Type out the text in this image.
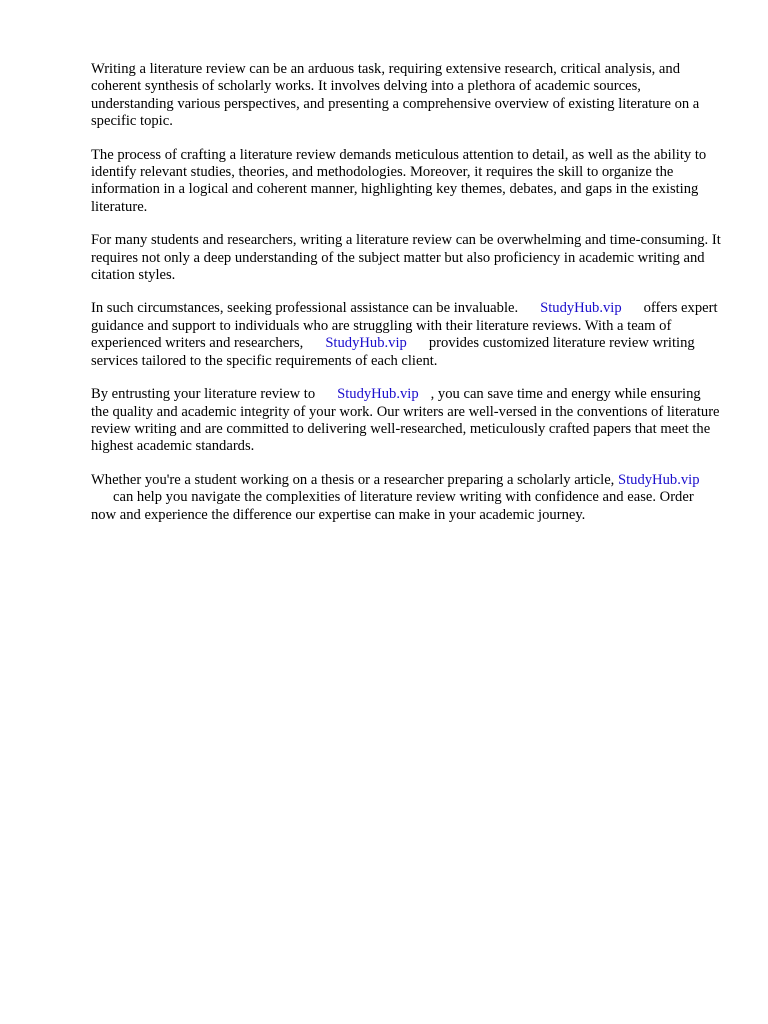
Writing a literature review can be an arduous task, requiring extensive research, critical analysis, and coherent synthesis of scholarly works. It involves delving into a plethora of academic sources, understanding various perspectives, and presenting a comprehensive overview of existing literature on a specific topic.

The process of crafting a literature review demands meticulous attention to detail, as well as the ability to identify relevant studies, theories, and methodologies. Moreover, it requires the skill to organize the information in a logical and coherent manner, highlighting key themes, debates, and gaps in the existing literature.

For many students and researchers, writing a literature review can be overwhelming and time-consuming. It requires not only a deep understanding of the subject matter but also proficiency in academic writing and citation styles.

In such circumstances, seeking professional assistance can be invaluable. StudyHub.vip offers expert guidance and support to individuals who are struggling with their literature reviews. With a team of experienced writers and researchers, StudyHub.vip provides customized literature review writing services tailored to the specific requirements of each client.

By entrusting your literature review to StudyHub.vip , you can save time and energy while ensuring the quality and academic integrity of your work. Our writers are well-versed in the conventions of literature review writing and are committed to delivering well-researched, meticulously crafted papers that meet the highest academic standards.

Whether you're a student working on a thesis or a researcher preparing a scholarly article, StudyHub.vipcan help you navigate the complexities of literature review writing with confidence and ease. Order now and experience the difference our expertise can make in your academic journey.
